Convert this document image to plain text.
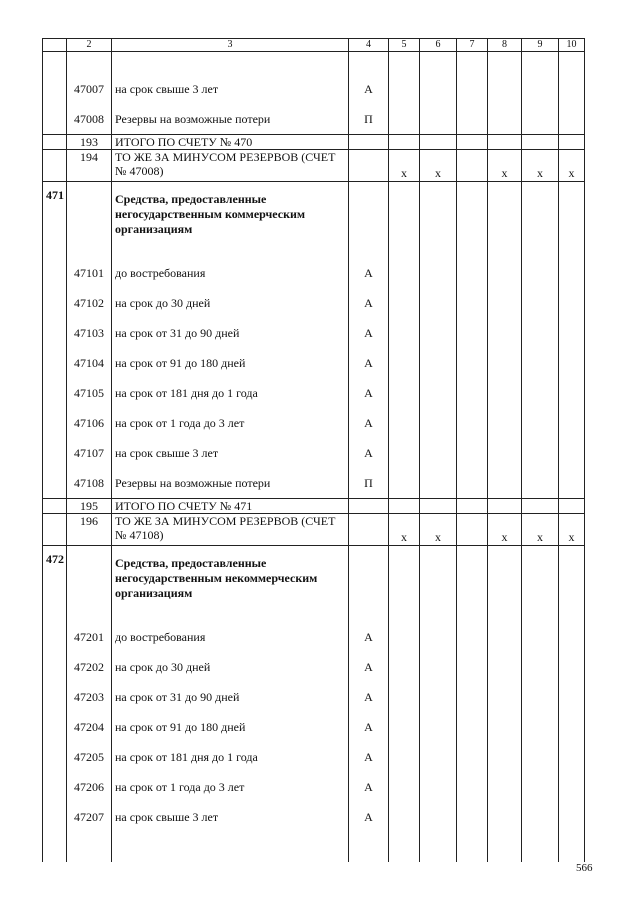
	2	3	4	5	6	7	8	9	10

	47007	на срок свыше 3 лет	А						
	47008	Резервы на возможные потери	П						
	193	ИТОГО ПО СЧЕТУ № 470							
	194	ТО ЖЕ ЗА МИНУСОМ РЕЗЕРВОВ (СЧЕТ № 47008)		х	х		х	х	х
471		Средства, предоставленные негосударственным коммерческим организациям							
	47101	до востребования	А						
	47102	на срок до 30 дней	А						
	47103	на срок от 31 до 90 дней	А						
	47104	на срок от 91 до 180 дней	А						
	47105	на срок от 181 дня до 1 года	А						
	47106	на срок от 1 года до 3 лет	А						
	47107	на срок свыше 3 лет	А						
	47108	Резервы на возможные потери	П						
	195	ИТОГО ПО СЧЕТУ № 471							
	196	ТО ЖЕ ЗА МИНУСОМ РЕЗЕРВОВ (СЧЕТ № 47108)		х	х		х	х	х
472		Средства, предоставленные негосударственным некоммерческим организациям							
	47201	до востребования	А						
	47202	на срок до 30 дней	А						
	47203	на срок от 31 до 90 дней	А						
	47204	на срок от 91 до 180 дней	А						
	47205	на срок от 181 дня до 1 года	А						
	47206	на срок от 1 года до 3 лет	А						
	47207	на срок свыше 3 лет	А						

566
